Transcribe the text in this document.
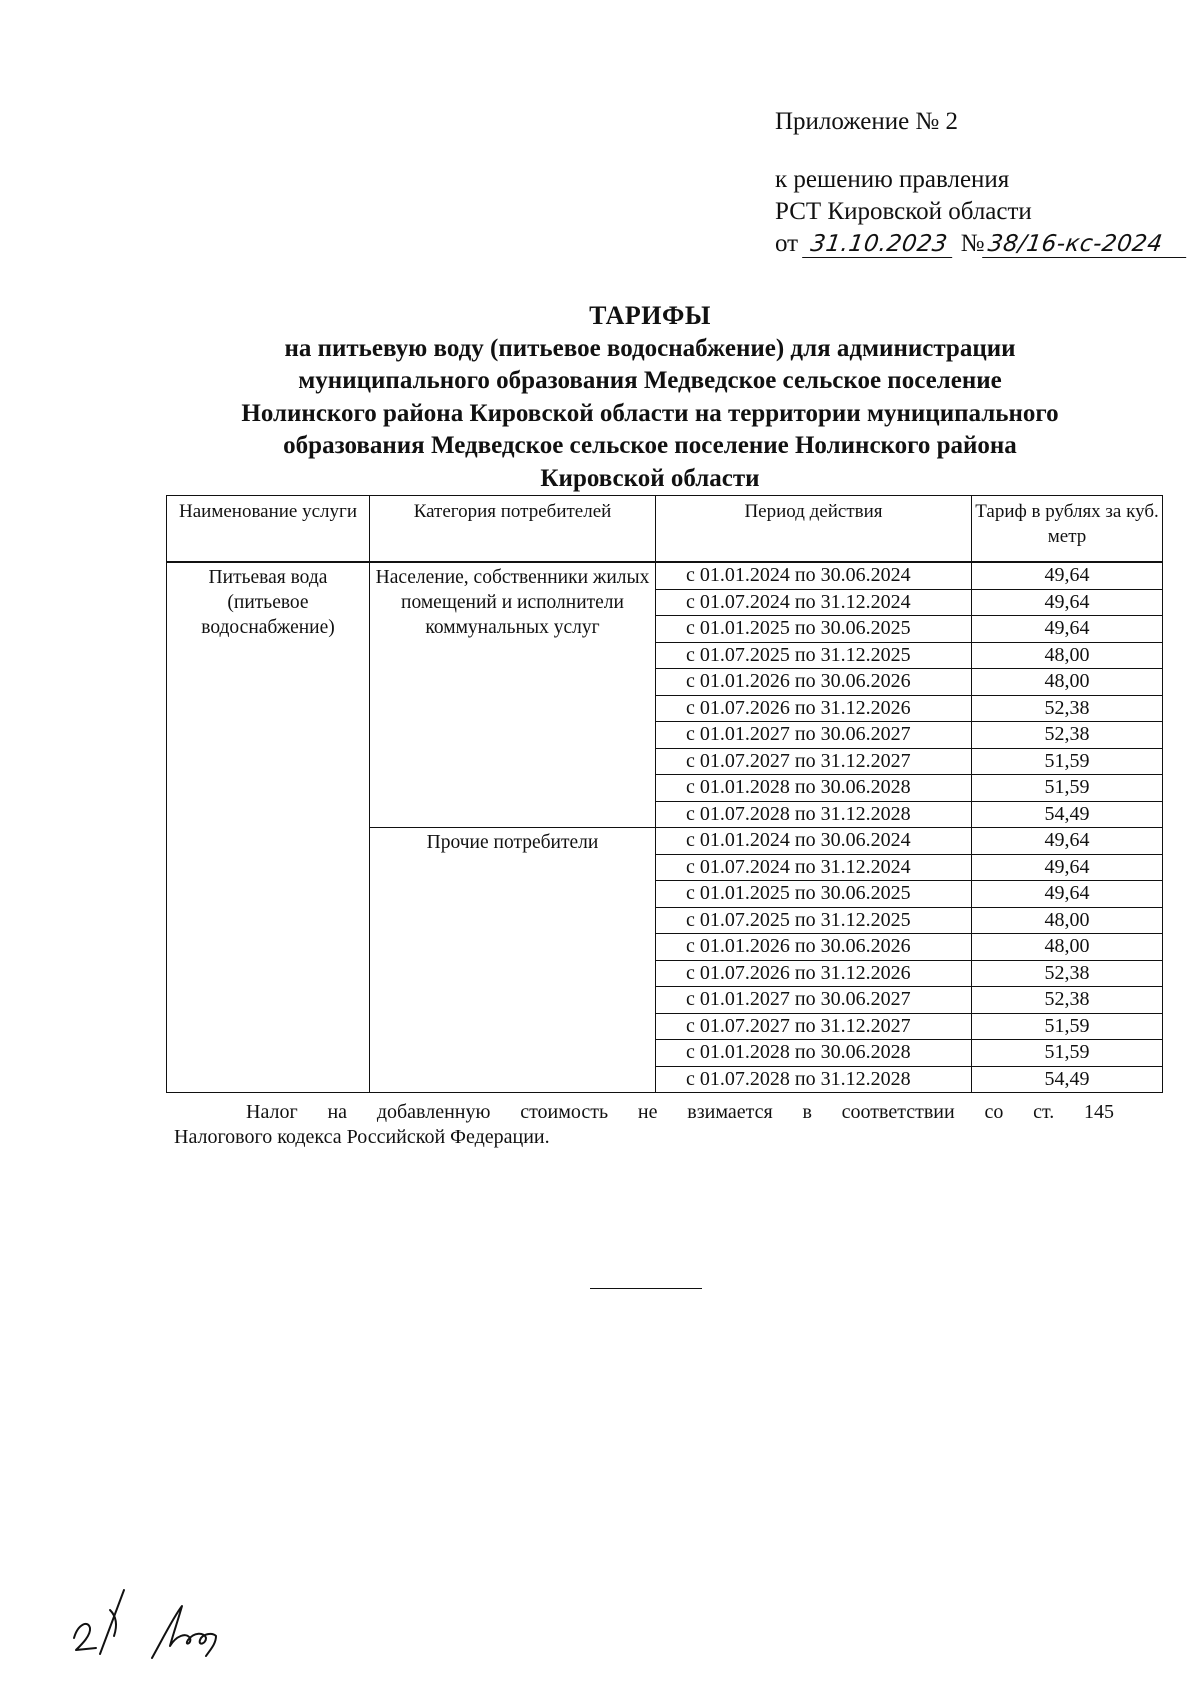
Приложение № 2
к решению правления
РСТ Кировской области
от 31.10.2023 №38/16-кс-2024
ТАРИФЫ
на питьевую воду (питьевое водоснабжение) для администрации
муниципального образования Медведское сельское поселение
Нолинского района Кировской области на территории муниципального
образования Медведское сельское поселение Нолинского района
Кировской области
Наименование услуги	Категория потребителей	Период действия	Тариф в рублях за куб. метр
Питьевая вода (питьевое водоснабжение)	Население, собственники жилых помещений и исполнители коммунальных услуг	с 01.01.2024 по 30.06.2024	49,64
		с 01.07.2024 по 31.12.2024	49,64
		с 01.01.2025 по 30.06.2025	49,64
		с 01.07.2025 по 31.12.2025	48,00
		с 01.01.2026 по 30.06.2026	48,00
		с 01.07.2026 по 31.12.2026	52,38
		с 01.01.2027 по 30.06.2027	52,38
		с 01.07.2027 по 31.12.2027	51,59
		с 01.01.2028 по 30.06.2028	51,59
		с 01.07.2028 по 31.12.2028	54,49
	Прочие потребители	с 01.01.2024 по 30.06.2024	49,64
		с 01.07.2024 по 31.12.2024	49,64
		с 01.01.2025 по 30.06.2025	49,64
		с 01.07.2025 по 31.12.2025	48,00
		с 01.01.2026 по 30.06.2026	48,00
		с 01.07.2026 по 31.12.2026	52,38
		с 01.01.2027 по 30.06.2027	52,38
		с 01.07.2027 по 31.12.2027	51,59
		с 01.01.2028 по 30.06.2028	51,59
		с 01.07.2028 по 31.12.2028	54,49
Налог на добавленную стоимость не взимается в соответствии со ст. 145
Налогового кодекса Российской Федерации.
